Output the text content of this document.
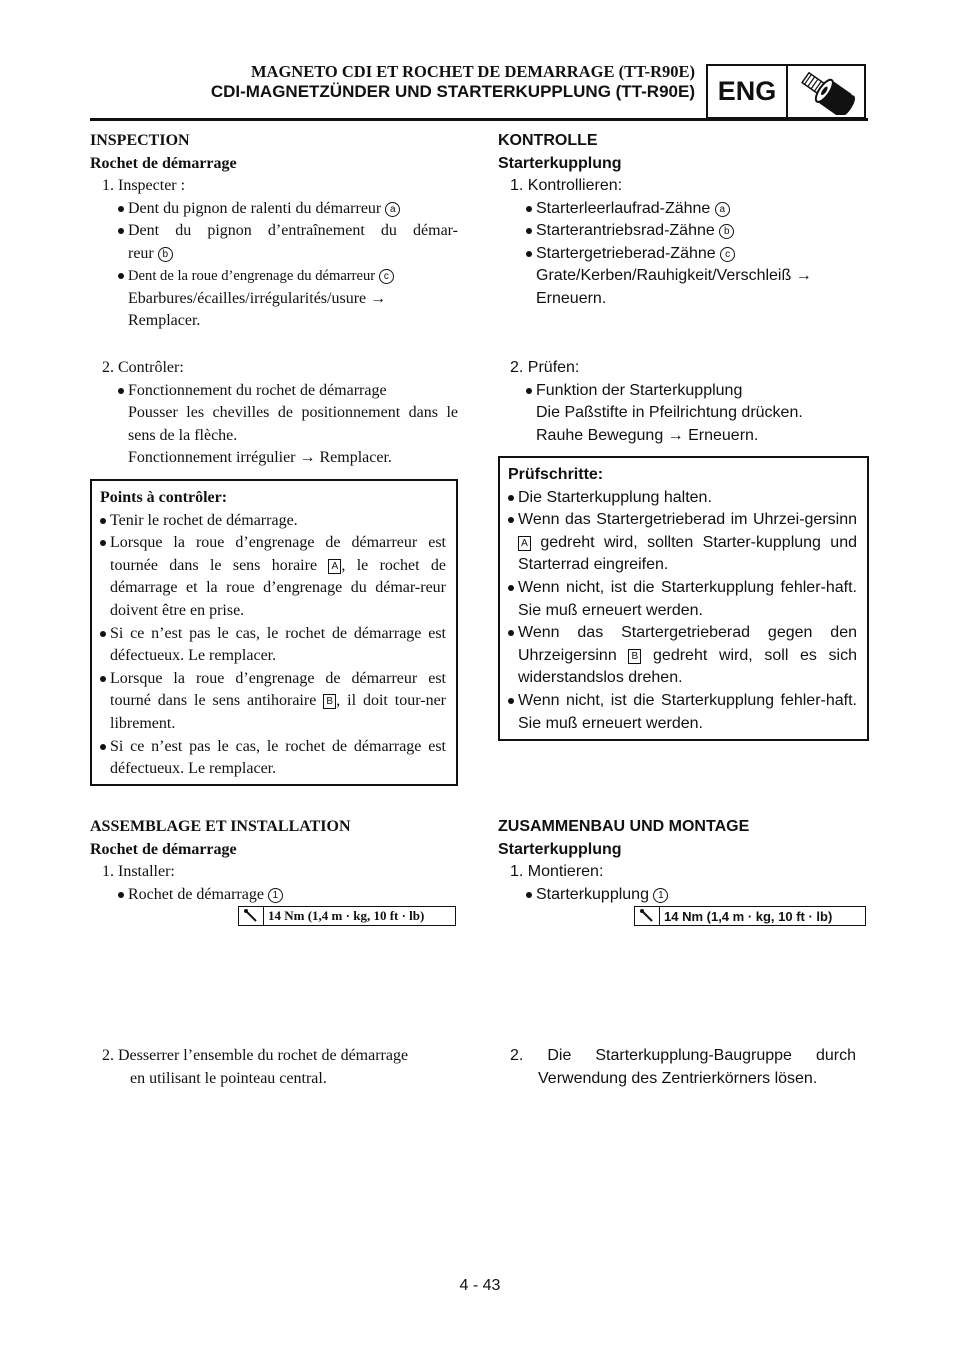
MAGNETO CDI ET ROCHET DE DEMARRAGE (TT-R90E)
CDI-MAGNETZÜNDER UND STARTERKUPPLUNG (TT-R90E) ENG
INSPECTION
Rochet de démarrage
1. Inspecter :
Dent du pignon de ralenti du démarreur a
Dent du pignon d’entraînement du démar-
reur b
Dent de la roue d’engrenage du démarreur c
Ebarbures/écailles/irrégularités/usure →
Remplacer.
2. Contrôler:
Fonctionnement du rochet de démarrage
Pousser les chevilles de positionnement dans le sens de la flèche.
Fonctionnement irrégulier → Remplacer.
Points à contrôler:
Tenir le rochet de démarrage.
Lorsque la roue d’engrenage de démarreur est tournée dans le sens horaire A , le rochet de démarrage et la roue d’engrenage du démar-reur doivent être en prise.
Si ce n’est pas le cas, le rochet de démarrage est défectueux. Le remplacer.
Lorsque la roue d’engrenage de démarreur est tourné dans le sens antihoraire B , il doit tour-ner librement.
Si ce n’est pas le cas, le rochet de démarrage est défectueux. Le remplacer.
ASSEMBLAGE ET INSTALLATION
Rochet de démarrage
1. Installer:
Rochet de démarrage 1
14 Nm (1,4 m · kg, 10 ft · lb)
2. Desserrer l’ensemble du rochet de démarrage
en utilisant le pointeau central.
KONTROLLE
Starterkupplung
1. Kontrollieren:
Starterleerlaufrad-Zähne a
Starterantriebsrad-Zähne b
Startergetrieberad-Zähne c
Grate/Kerben/Rauhigkeit/Verschleiß →
Erneuern.
2. Prüfen:
Funktion der Starterkupplung
Die Paßstifte in Pfeilrichtung drücken.
Rauhe Bewegung → Erneuern.
Prüfschritte:
Die Starterkupplung halten.
Wenn das Startergetrieberad im Uhrzei-gersinn A gedreht wird, sollten Starter-kupplung und Starterrad eingreifen.
Wenn nicht, ist die Starterkupplung fehler-haft. Sie muß erneuert werden.
Wenn das Startergetrieberad gegen den Uhrzeigersinn B gedreht wird, soll es sich widerstandslos drehen.
Wenn nicht, ist die Starterkupplung fehler-haft. Sie muß erneuert werden.
ZUSAMMENBAU UND MONTAGE
Starterkupplung
1. Montieren:
Starterkupplung 1
14 Nm (1,4 m · kg, 10 ft · lb)
2. Die Starterkupplung-Baugruppe durch Verwendung des Zentrierkörners lösen.
4 - 43
